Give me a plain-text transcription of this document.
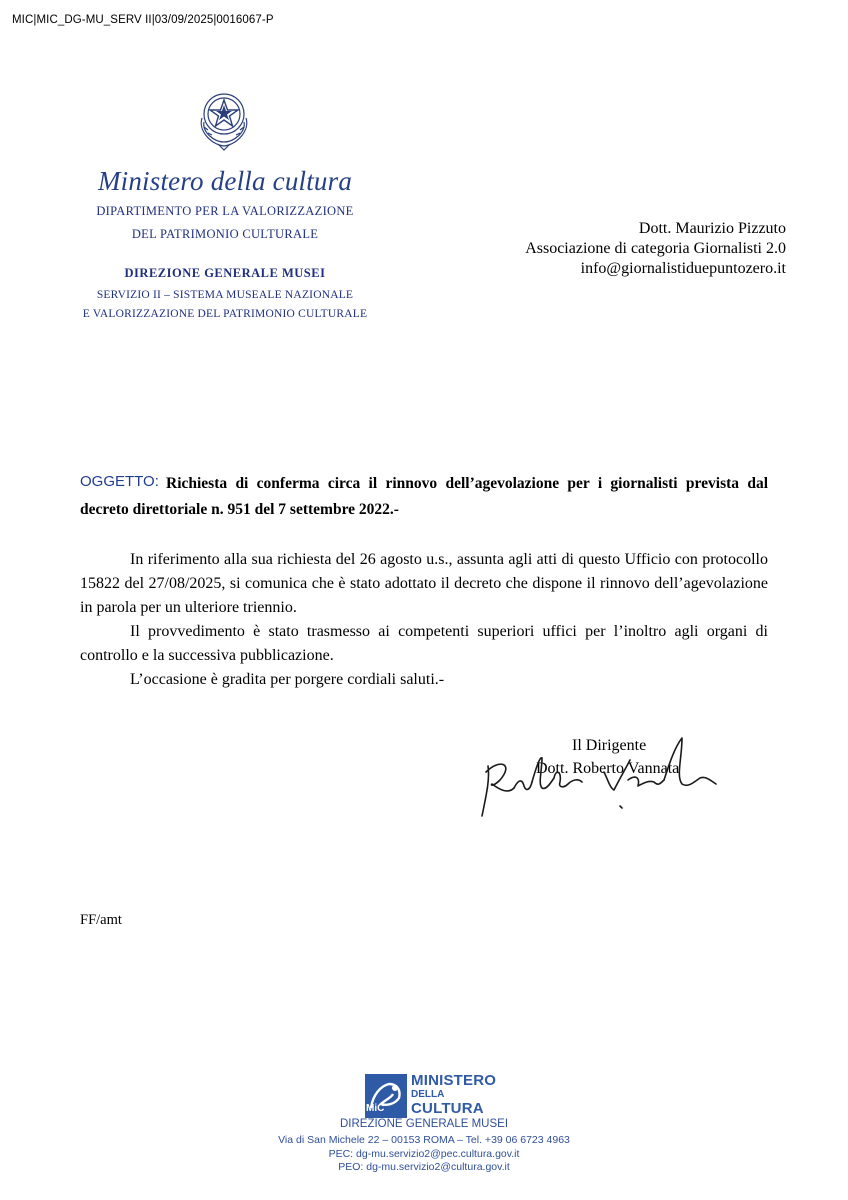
MIC|MIC_DG-MU_SERV II|03/09/2025|0016067-P
Ministero della cultura
DIPARTIMENTO PER LA VALORIZZAZIONE
DEL PATRIMONIO CULTURALE
DIREZIONE GENERALE MUSEI
SERVIZIO II – SISTEMA MUSEALE NAZIONALE
E VALORIZZAZIONE DEL PATRIMONIO CULTURALE
Dott. Maurizio Pizzuto
Associazione di categoria Giornalisti 2.0
info@giornalistiduepuntozero.it
OGGETTO: Richiesta di conferma circa il rinnovo dell’agevolazione per i giornalisti prevista dal decreto direttoriale n. 951 del 7 settembre 2022.-

In riferimento alla sua richiesta del 26 agosto u.s., assunta agli atti di questo Ufficio con protocollo 15822 del 27/08/2025, si comunica che è stato adottato il decreto che dispone il rinnovo dell’agevolazione in parola per un ulteriore triennio.

Il provvedimento è stato trasmesso ai competenti superiori uffici per l’inoltro agli organi di controllo e la successiva pubblicazione.

L’occasione è gradita per porgere cordiali saluti.-

Il Dirigente
Dott. Roberto Vannata
FF/amt
MiC
MINISTERO
DELLA
CULTURA
DIREZIONE GENERALE MUSEI
Via di San Michele 22 – 00153 ROMA – Tel. +39 06 6723 4963
PEC: dg-mu.servizio2@pec.cultura.gov.it
PEO: dg-mu.servizio2@cultura.gov.it
